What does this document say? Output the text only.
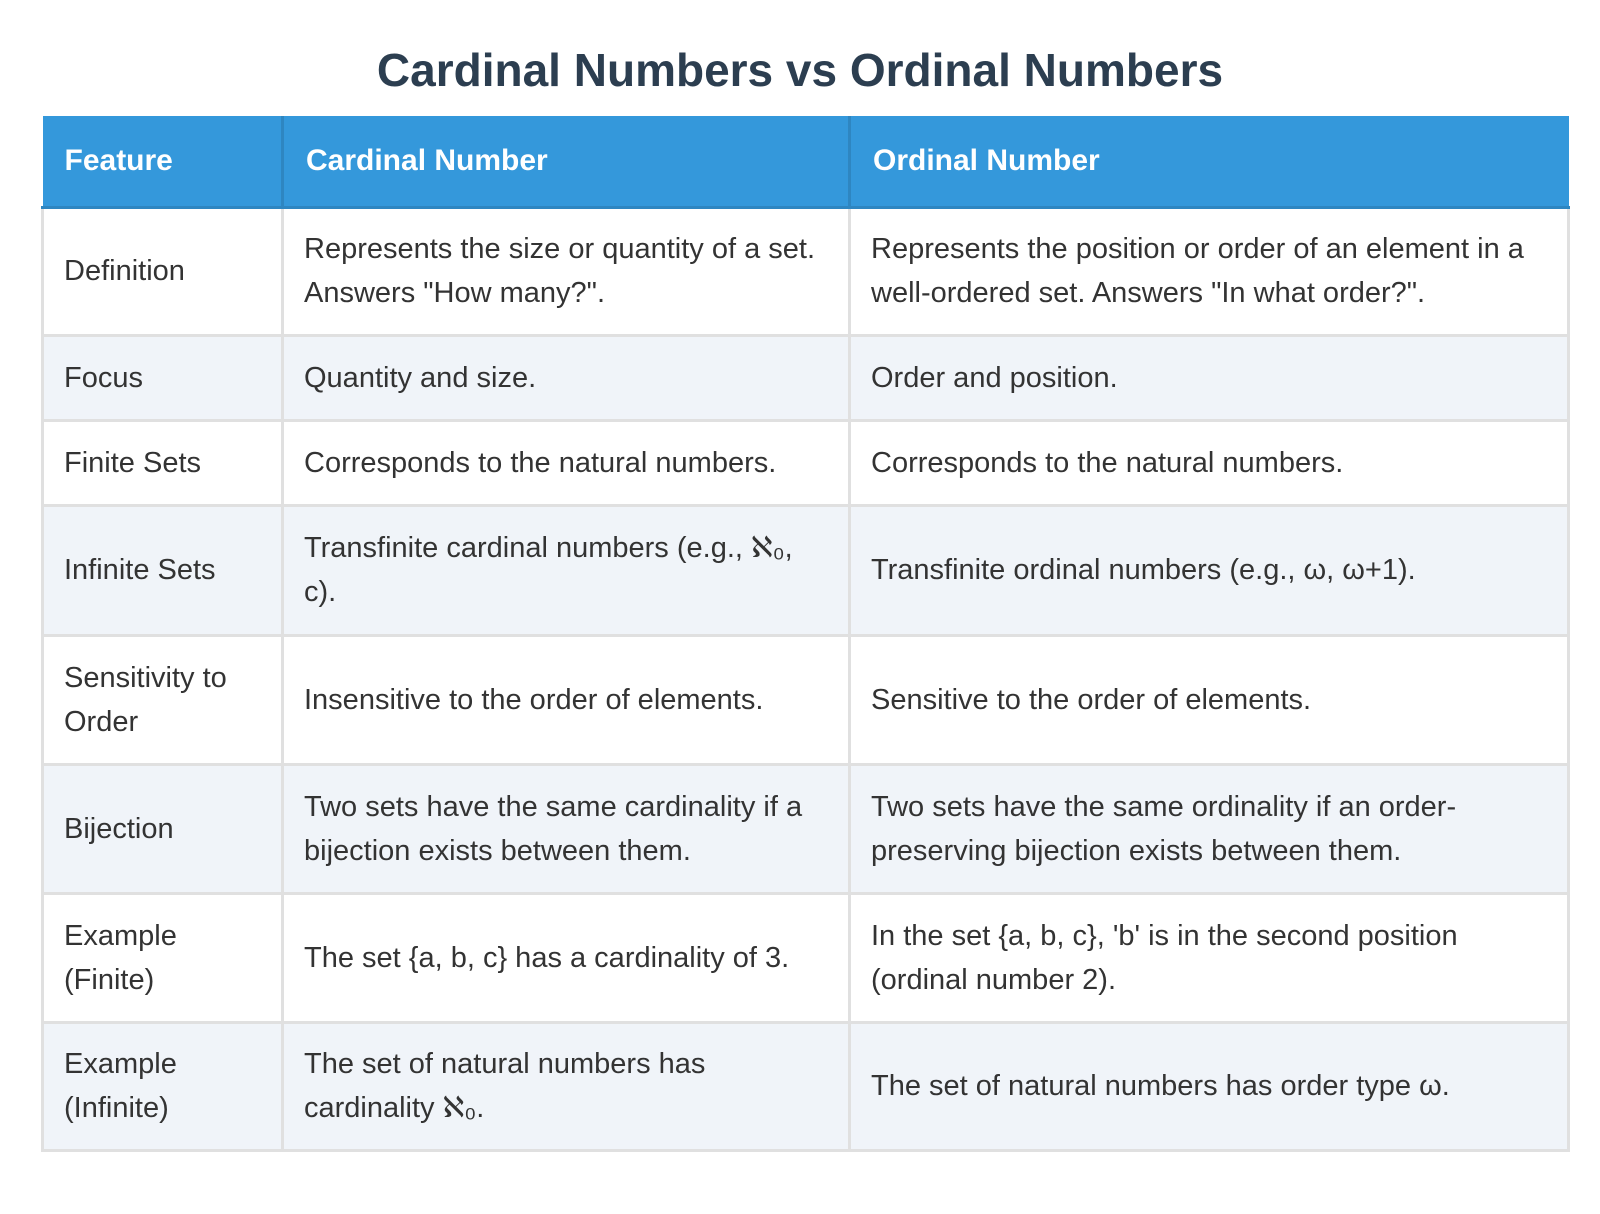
Cardinal Numbers vs Ordinal Numbers
Feature	Cardinal Number	Ordinal Number
Definition	Represents the size or quantity of a set. Answers "How many?".	Represents the position or order of an element in a well-ordered set. Answers "In what order?".
Focus	Quantity and size.	Order and position.
Finite Sets	Corresponds to the natural numbers.	Corresponds to the natural numbers.
Infinite Sets	Transfinite cardinal numbers (e.g., ℵ₀, c).	Transfinite ordinal numbers (e.g., ω, ω+1).
Sensitivity to Order	Insensitive to the order of elements.	Sensitive to the order of elements.
Bijection	Two sets have the same cardinality if a bijection exists between them.	Two sets have the same ordinality if an order-preserving bijection exists between them.
Example (Finite)	The set {a, b, c} has a cardinality of 3.	In the set {a, b, c}, 'b' is in the second position (ordinal number 2).
Example (Infinite)	The set of natural numbers has cardinality ℵ₀.	The set of natural numbers has order type ω.
